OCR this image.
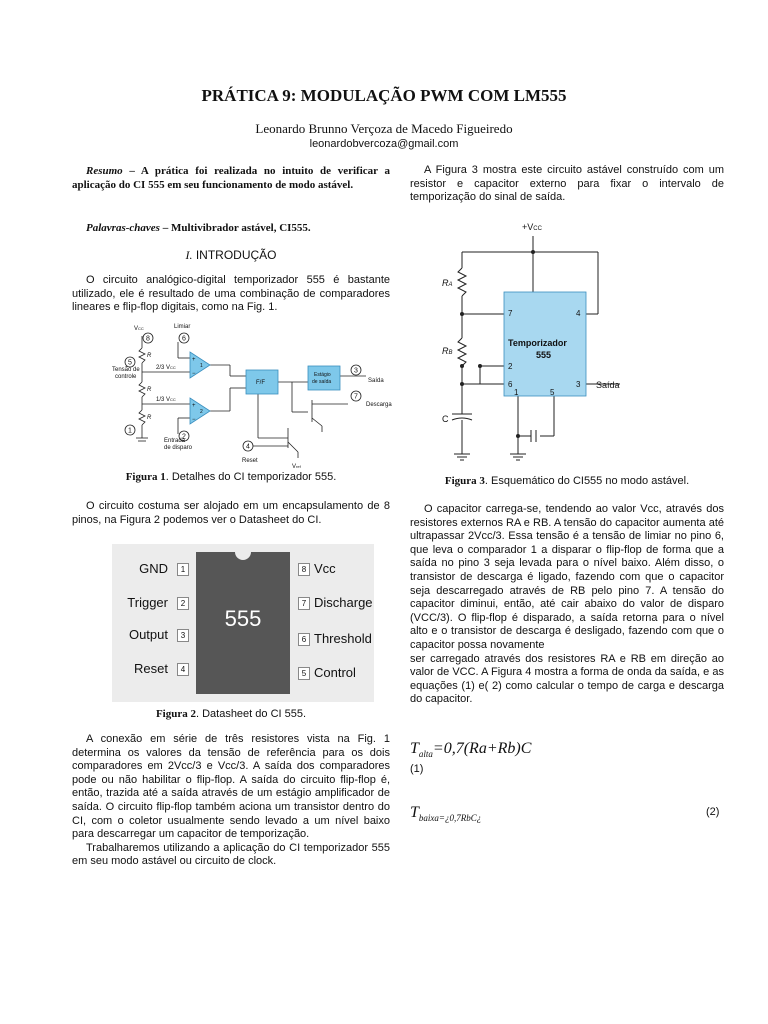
PRÁTICA 9: MODULAÇÃO PWM COM LM555
Leonardo Brunno Verçoza de Macedo Figueiredo
leonardobvercoza@gmail.com
Resumo – A prática foi realizada no intuito de verificar a aplicação do CI 555 em seu funcionamento de modo astável.
Palavras-chaves – Multivibrador astável, CI555.
I. INTRODUÇÃO

O circuito analógico-digital temporizador 555 é bastante utilizado, ele é resultado de uma combinação de comparadores lineares e flip-flop digitais, como na Fig. 1.

8	6
5
2
1
3
7
4
VCC	Limiar
Tensão de
controle
R
R
R
2/3 VCC
1/3 VCC
+
−
+
−
1
2
F/F
Estágio
de saída	Saída
Descarga
Entrada
de disparo
Reset
Vref
Figura 1. Detalhes do CI temporizador 555.

O circuito costuma ser alojado em um encapsulamento de 8 pinos, na Figura 2 podemos ver o Datasheet do CI.

555
GND
Trigger
Output
Reset
1
2
3
4
8
7
6
5
Vcc
Discharge
Threshold
Control
Figura 2. Datasheet do CI 555.

A conexão em série de três resistores vista na Fig. 1 determina os valores da tensão de referência para os dois comparadores em 2Vcc/3 e Vcc/3. A saída dos comparadores pode ou não habilitar o flip-flop. A saída do circuito flip-flop é, então, trazida até a saída através de um estágio amplificador de saída. O circuito flip-flop também aciona um transistor dentro do CI, com o coletor usualmente sendo levado a um nível baixo para descarregar um capacitor de temporização.

Trabalharemos utilizando a aplicação do CI temporizador 555 em seu modo astável ou circuito de clock.

A Figura 3 mostra este circuito astável construído com um resistor e capacitor externo para fixar o intervalo de temporização do sinal de saída.

+VCC
RA
RB
C
Temporizador
555
Saída
7	4
2
6	3
1	5
Figura 3. Esquemático do CI555 no modo astável.

O capacitor carrega-se, tendendo ao valor Vcc, através dos resistores externos RA e RB. A tensão do capacitor aumenta até ultrapassar 2Vcc/3. Essa tensão é a tensão de limiar no pino 6, que leva o comparador 1 a disparar o flip-flop de forma que a saída no pino 3 seja levada para o nível baixo. Além disso, o transistor de descarga é ligado, fazendo com que o capacitor seja descarregado através de RB pelo pino 7. A tensão do capacitor diminui, então, até cair abaixo do valor de disparo (VCC/3). O flip-flop é disparado, a saída retorna para o nível alto e o transistor de descarga é desligado, fazendo com que o capacitor possa novamente

ser carregado através dos resistores RA e RB em direção ao valor de VCC. A Figura 4 mostra a forma de onda da saída, e as equações (1) e( 2) como calcular o tempo de carga e descarga do capacitor.

$T_{alta}=0,7(Ra+Rb)C$
(1)
$T_{baixa=¿0,7RbC¿}$
(2)
